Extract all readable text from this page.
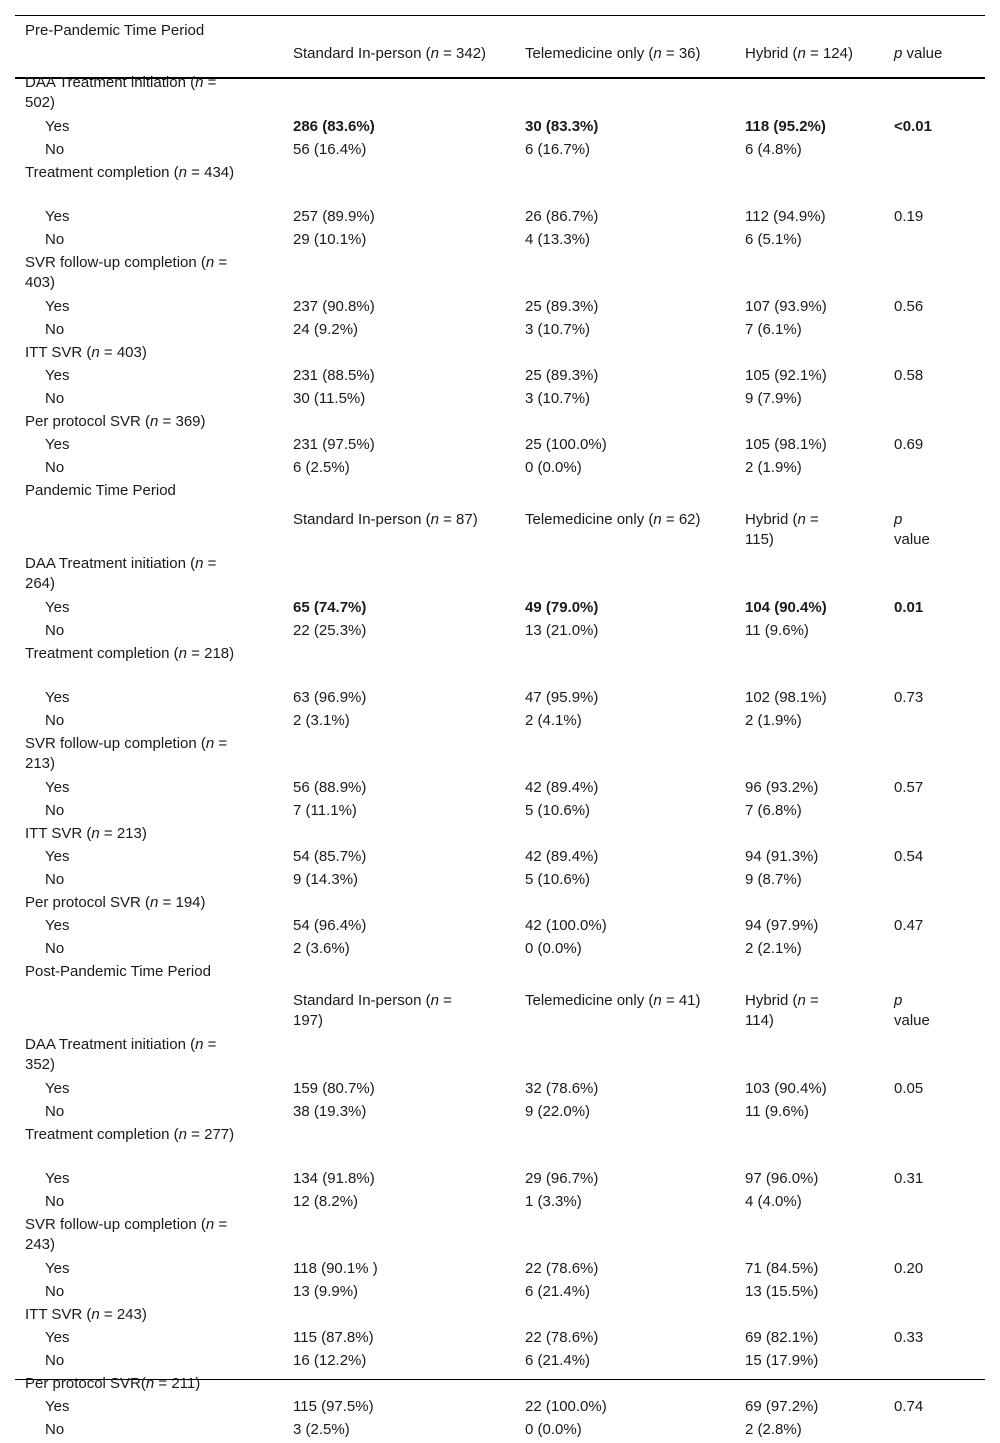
Pre-Pandemic Time Period				
	Standard In-person (n = 342)	Telemedicine only (n = 36)	Hybrid (n = 124)	p value

DAA Treatment initiation (n = 502)				

Yes	286 (83.6%)	30 (83.3%)	118 (95.2%)	<0.01
No	56 (16.4%)	6 (16.7%)	6 (4.8%)	

Treatment completion (n = 434)				

Yes	257 (89.9%)	26 (86.7%)	112 (94.9%)	0.19
No	29 (10.1%)	4 (13.3%)	6 (5.1%)	

SVR follow-up completion (n = 403)				

Yes	237 (90.8%)	25 (89.3%)	107 (93.9%)	0.56
No	24 (9.2%)	3 (10.7%)	7 (6.1%)	

ITT SVR (n = 403)				

Yes	231 (88.5%)	25 (89.3%)	105 (92.1%)	0.58
No	30 (11.5%)	3 (10.7%)	9 (7.9%)	

Per protocol SVR (n = 369)				

Yes	231 (97.5%)	25 (100.0%)	105 (98.1%)	0.69
No	6 (2.5%)	0 (0.0%)	2 (1.9%)	
Pandemic Time Period				
	Standard In-person (n = 87)	Telemedicine only (n = 62)	Hybrid (n = 115)	p value

DAA Treatment initiation (n = 264)				

Yes	65 (74.7%)	49 (79.0%)	104 (90.4%)	0.01
No	22 (25.3%)	13 (21.0%)	11 (9.6%)	

Treatment completion (n = 218)				

Yes	63 (96.9%)	47 (95.9%)	102 (98.1%)	0.73
No	2 (3.1%)	2 (4.1%)	2 (1.9%)	

SVR follow-up completion (n = 213)				

Yes	56 (88.9%)	42 (89.4%)	96 (93.2%)	0.57
No	7 (11.1%)	5 (10.6%)	7 (6.8%)	

ITT SVR (n = 213)				

Yes	54 (85.7%)	42 (89.4%)	94 (91.3%)	0.54
No	9 (14.3%)	5 (10.6%)	9 (8.7%)	

Per protocol SVR (n = 194)				

Yes	54 (96.4%)	42 (100.0%)	94 (97.9%)	0.47
No	2 (3.6%)	0 (0.0%)	2 (2.1%)	
Post-Pandemic Time Period				
	Standard In-person (n = 197)	Telemedicine only (n = 41)	Hybrid (n = 114)	p value

DAA Treatment initiation (n = 352)				

Yes	159 (80.7%)	32 (78.6%)	103 (90.4%)	0.05
No	38 (19.3%)	9 (22.0%)	11 (9.6%)	

Treatment completion (n = 277)				

Yes	134 (91.8%)	29 (96.7%)	97 (96.0%)	0.31
No	12 (8.2%)	1 (3.3%)	4 (4.0%)	

SVR follow-up completion (n = 243)				

Yes	118 (90.1% )	22 (78.6%)	71 (84.5%)	0.20
No	13 (9.9%)	6 (21.4%)	13 (15.5%)	

ITT SVR (n = 243)				

Yes	115 (87.8%)	22 (78.6%)	69 (82.1%)	0.33
No	16 (12.2%)	6 (21.4%)	15 (17.9%)	

Per protocol SVR(n = 211)				

Yes	115 (97.5%)	22 (100.0%)	69 (97.2%)	0.74
No	3 (2.5%)	0 (0.0%)	2 (2.8%)	
